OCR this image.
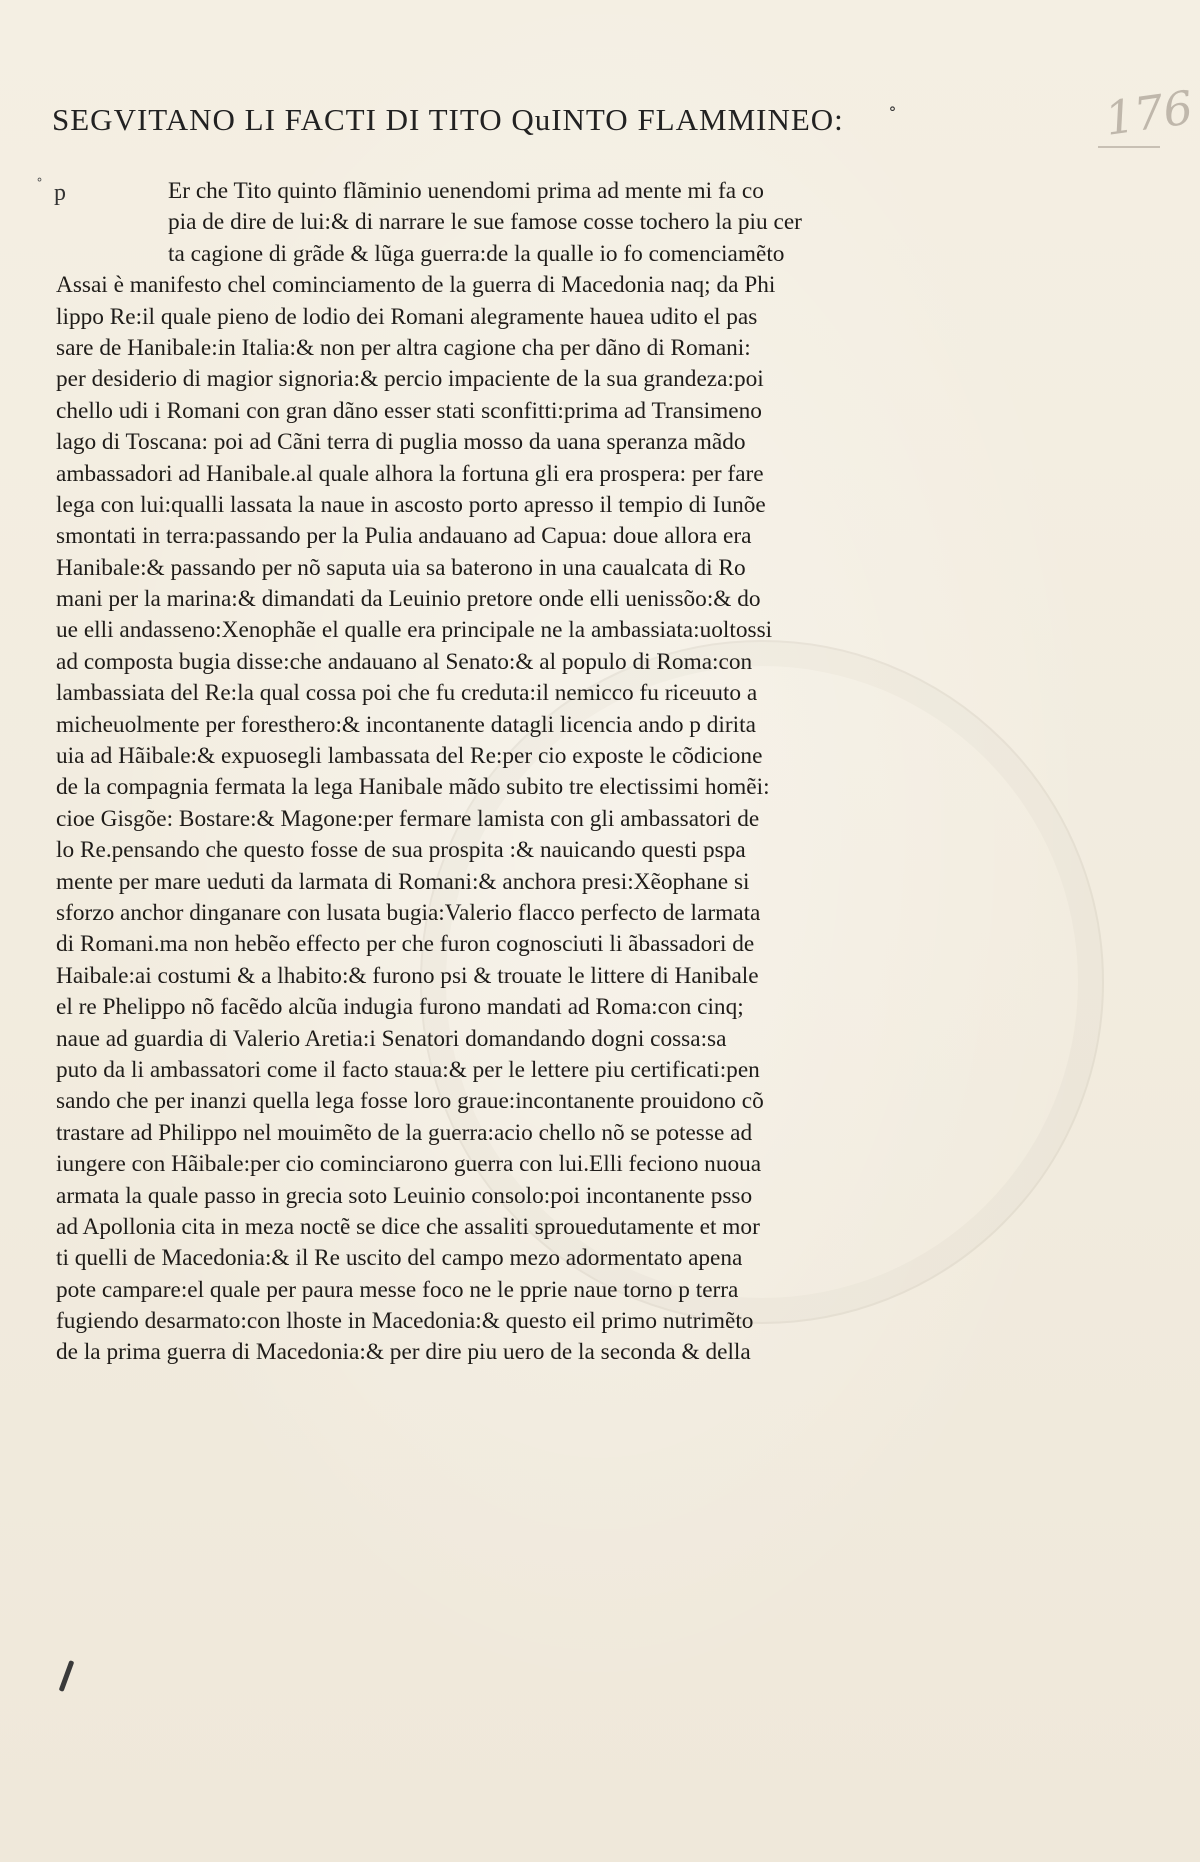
176
SEGVITANO LI FACTI DI TITO QuINTO FLAMMINEO: ˚
˚ p	Er che Tito quinto flãminio uenendomi prima ad mente mi fa co
pia de dire de lui:& di narrare le sue famose cosse tochero la piu cer
ta cagione di grãde & lũga guerra:de la qualle io fo comenciamẽto
Assai è manifesto chel cominciamento de la guerra di Macedonia naq; da Phi
lippo Re:il quale pieno de lodio dei Romani alegramente hauea udito el pas
sare de Hanibale:in Italia:& non per altra cagione cha per dãno di Romani:
per desiderio di magior signoria:& percio impaciente de la sua grandeza:poi
chello udi i Romani con gran dãno esser stati sconfitti:prima ad Transimeno
lago di Toscana: poi ad Cãni terra di puglia mosso da uana speranza mãdo
ambassadori ad Hanibale.al quale alhora la fortuna gli era prospera: per fare
lega con lui:qualli lassata la naue in ascosto porto apresso il tempio di Iunõe
smontati in terra:passando per la Pulia andauano ad Capua: doue allora era
Hanibale:& passando per nõ saputa uia sa baterono in una caualcata di Ro
mani per la marina:& dimandati da Leuinio pretore onde elli uenissõo:& do
ue elli andasseno:Xenophãe el qualle era principale ne la ambassiata:uoltossi
ad composta bugia disse:che andauano al Senato:& al populo di Roma:con
lambassiata del Re:la qual cossa poi che fu creduta:il nemicco fu riceuuto a
micheuolmente per foresthero:& incontanente datagli licencia ando p dirita
uia ad Hãibale:& expuosegli lambassata del Re:per cio exposte le cõdicione
de la compagnia fermata la lega Hanibale mãdo subito tre electissimi homẽi:
cioe Gisgõe: Bostare:& Magone:per fermare lamista con gli ambassatori de
lo Re.pensando che questo fosse de sua prospita :& nauicando questi pspa
mente per mare ueduti da larmata di Romani:& anchora presi:Xẽophane si
sforzo anchor dinganare con lusata bugia:Valerio flacco perfecto de larmata
di Romani.ma non hebẽo effecto per che furon cognosciuti li ãbassadori de
Haibale:ai costumi & a lhabito:& furono psi & trouate le littere di Hanibale
el re Phelippo nõ facẽdo alcũa indugia furono mandati ad Roma:con cinq;
naue ad guardia di Valerio Aretia:i Senatori domandando dogni cossa:sa
puto da li ambassatori come il facto staua:& per le lettere piu certificati:pen
sando che per inanzi quella lega fosse loro graue:incontanente prouidono cõ
trastare ad Philippo nel mouimẽto de la guerra:acio chello nõ se potesse ad
iungere con Hãibale:per cio cominciarono guerra con lui.Elli feciono nuoua
armata la quale passo in grecia soto Leuinio consolo:poi incontanente psso
ad Apollonia cita in meza noctẽ se dice che assaliti sprouedutamente et mor
ti quelli de Macedonia:& il Re uscito del campo mezo adormentato apena
pote campare:el quale per paura messe foco ne le pprie naue torno p terra
fugiendo desarmato:con lhoste in Macedonia:& questo eil primo nutrimẽto
de la prima guerra di Macedonia:& per dire piu uero de la seconda & della
